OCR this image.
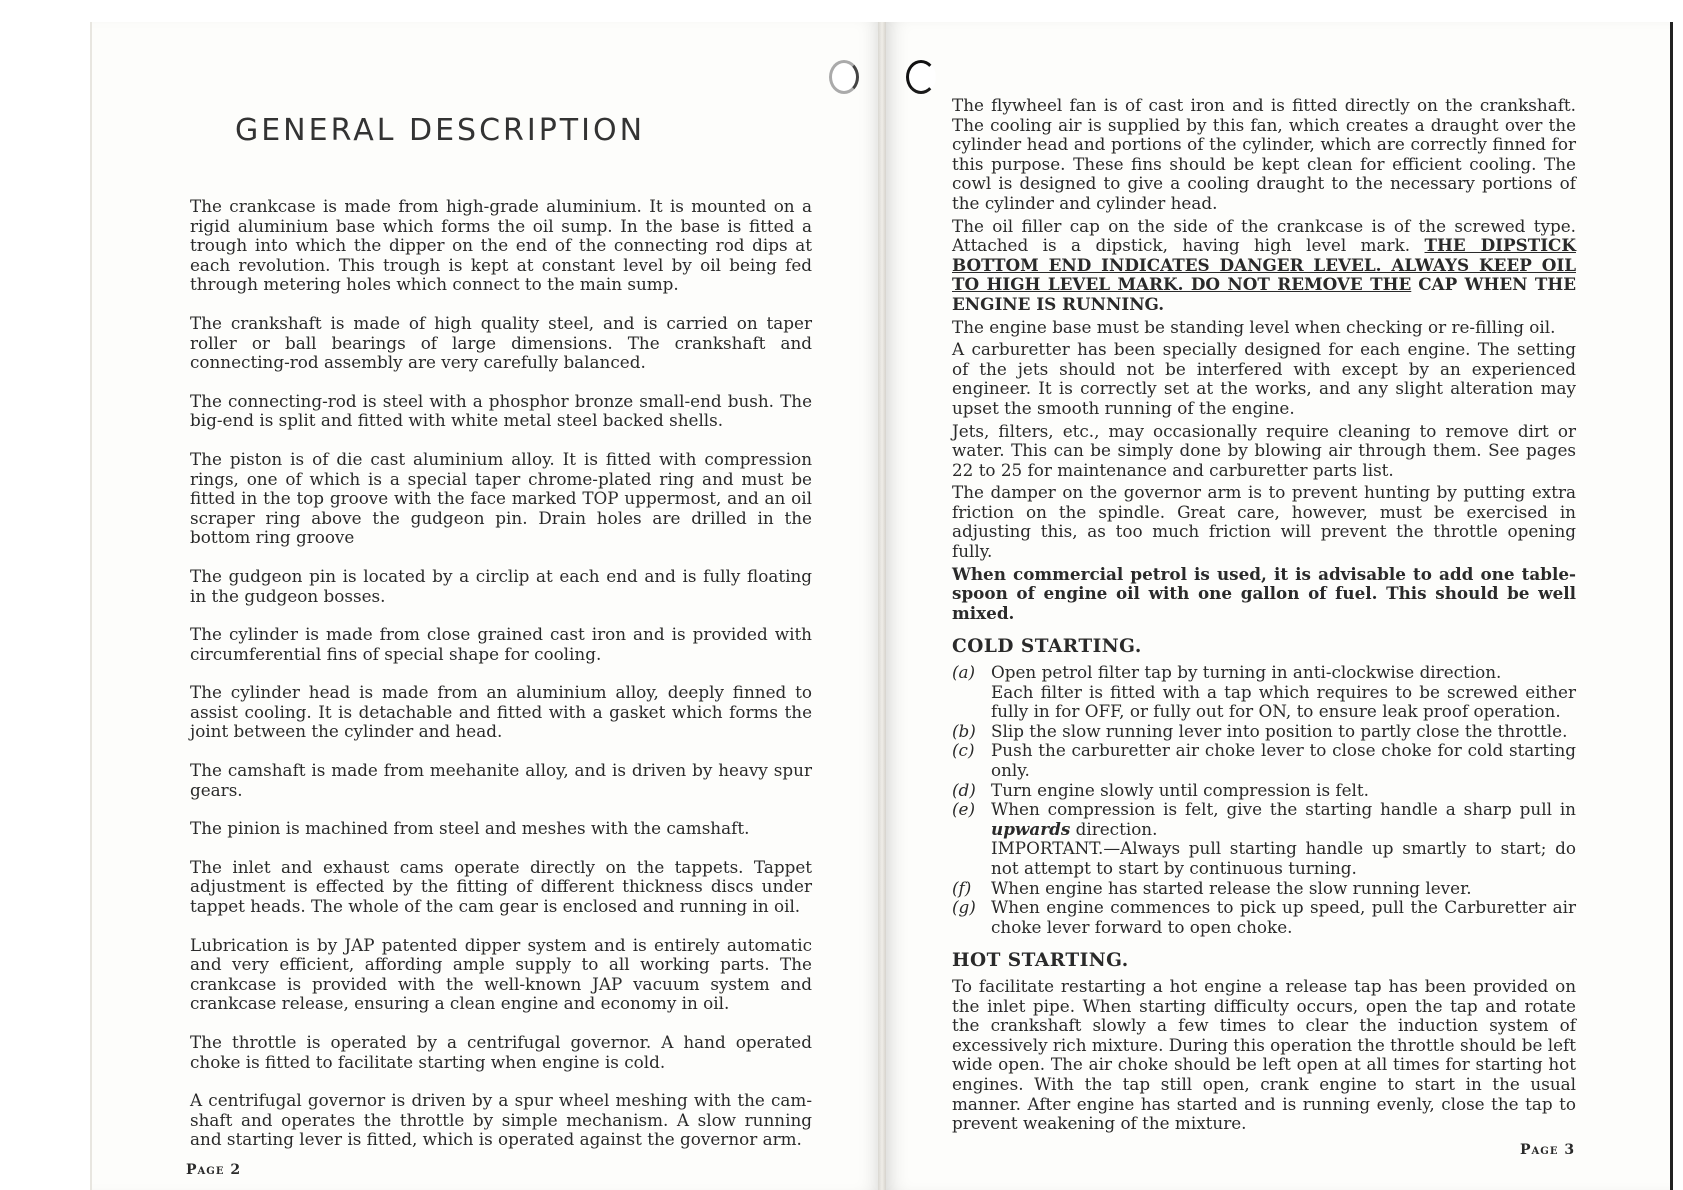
GENERAL DESCRIPTION

The crankcase is made from high-grade aluminium. It is mounted on a rigid aluminium base which forms the oil sump. In the base is fitted a trough into which the dipper on the end of the connecting rod dips at each revolution. This trough is kept at constant level by oil being fed through metering holes which connect to the main sump.

The crankshaft is made of high quality steel, and is carried on taper roller or ball bearings of large dimensions. The crankshaft and connecting-rod assembly are very carefully balanced.

The connecting-rod is steel with a phosphor bronze small-end bush. The big-end is split and fitted with white metal steel backed shells.

The piston is of die cast aluminium alloy. It is fitted with compression rings, one of which is a special taper chrome-plated ring and must be fitted in the top groove with the face marked TOP uppermost, and an oil scraper ring above the gudgeon pin. Drain holes are drilled in the bottom ring groove

The gudgeon pin is located by a circlip at each end and is fully floating in the gudgeon bosses.

The cylinder is made from close grained cast iron and is provided with circumferential fins of special shape for cooling.

The cylinder head is made from an aluminium alloy, deeply finned to assist cooling. It is detachable and fitted with a gasket which forms the joint between the cylinder and head.

The camshaft is made from meehanite alloy, and is driven by heavy spur gears.

The pinion is machined from steel and meshes with the camshaft.

The inlet and exhaust cams operate directly on the tappets. Tappet adjustment is effected by the fitting of different thickness discs under tappet heads. The whole of the cam gear is enclosed and running in oil.

Lubrication is by JAP patented dipper system and is entirely automatic and very efficient, affording ample supply to all working parts. The crankcase is provided with the well-known JAP vacuum system and crankcase release, ensuring a clean engine and economy in oil.

The throttle is operated by a centrifugal governor. A hand operated choke is fitted to facilitate starting when engine is cold.

A centrifugal governor is driven by a spur wheel meshing with the cam-shaft and operates the throttle by simple mechanism. A slow running and starting lever is fitted, which is operated against the governor arm.

Page 2

The flywheel fan is of cast iron and is fitted directly on the crankshaft. The cooling air is supplied by this fan, which creates a draught over the cylinder head and portions of the cylinder, which are correctly finned for this purpose. These fins should be kept clean for efficient cooling. The cowl is designed to give a cooling draught to the necessary portions of the cylinder and cylinder head.

The oil filler cap on the side of the crankcase is of the screwed type. Attached is a dipstick, having high level mark. THE DIPSTICK BOTTOM END INDICATES DANGER LEVEL. ALWAYS KEEP OIL TO HIGH LEVEL MARK. DO NOT REMOVE THE CAP WHEN THE ENGINE IS RUNNING.

The engine base must be standing level when checking or re-filling oil.

A carburetter has been specially designed for each engine. The setting of the jets should not be interfered with except by an experienced engineer. It is correctly set at the works, and any slight alteration may upset the smooth running of the engine.

Jets, filters, etc., may occasionally require cleaning to remove dirt or water. This can be simply done by blowing air through them. See pages 22 to 25 for maintenance and carburetter parts list.

The damper on the governor arm is to prevent hunting by putting extra friction on the spindle. Great care, however, must be exercised in adjusting this, as too much friction will prevent the throttle opening fully.

When commercial petrol is used, it is advisable to add one table-spoon of engine oil with one gallon of fuel. This should be well mixed.

COLD STARTING.

(a) Open petrol filter tap by turning in anti-clockwise direction.
Each filter is fitted with a tap which requires to be screwed either fully in for OFF, or fully out for ON, to ensure leak proof operation.
(b) Slip the slow running lever into position to partly close the throttle.
(c) Push the carburetter air choke lever to close choke for cold starting only.
(d) Turn engine slowly until compression is felt.
(e) When compression is felt, give the starting handle a sharp pull in upwards direction.
IMPORTANT.—Always pull starting handle up smartly to start; do not attempt to start by continuous turning.
(f)	When engine has started release the slow running lever.
(g) When engine commences to pick up speed, pull the Carburetter air choke lever forward to open choke.

HOT STARTING.

To facilitate restarting a hot engine a release tap has been provided on the inlet pipe. When starting difficulty occurs, open the tap and rotate the crankshaft slowly a few times to clear the induction system of excessively rich mixture. During this operation the throttle should be left wide open. The air choke should be left open at all times for starting hot engines. With the tap still open, crank engine to start in the usual manner. After engine has started and is running evenly, close the tap to prevent weakening of the mixture.

Page 3
